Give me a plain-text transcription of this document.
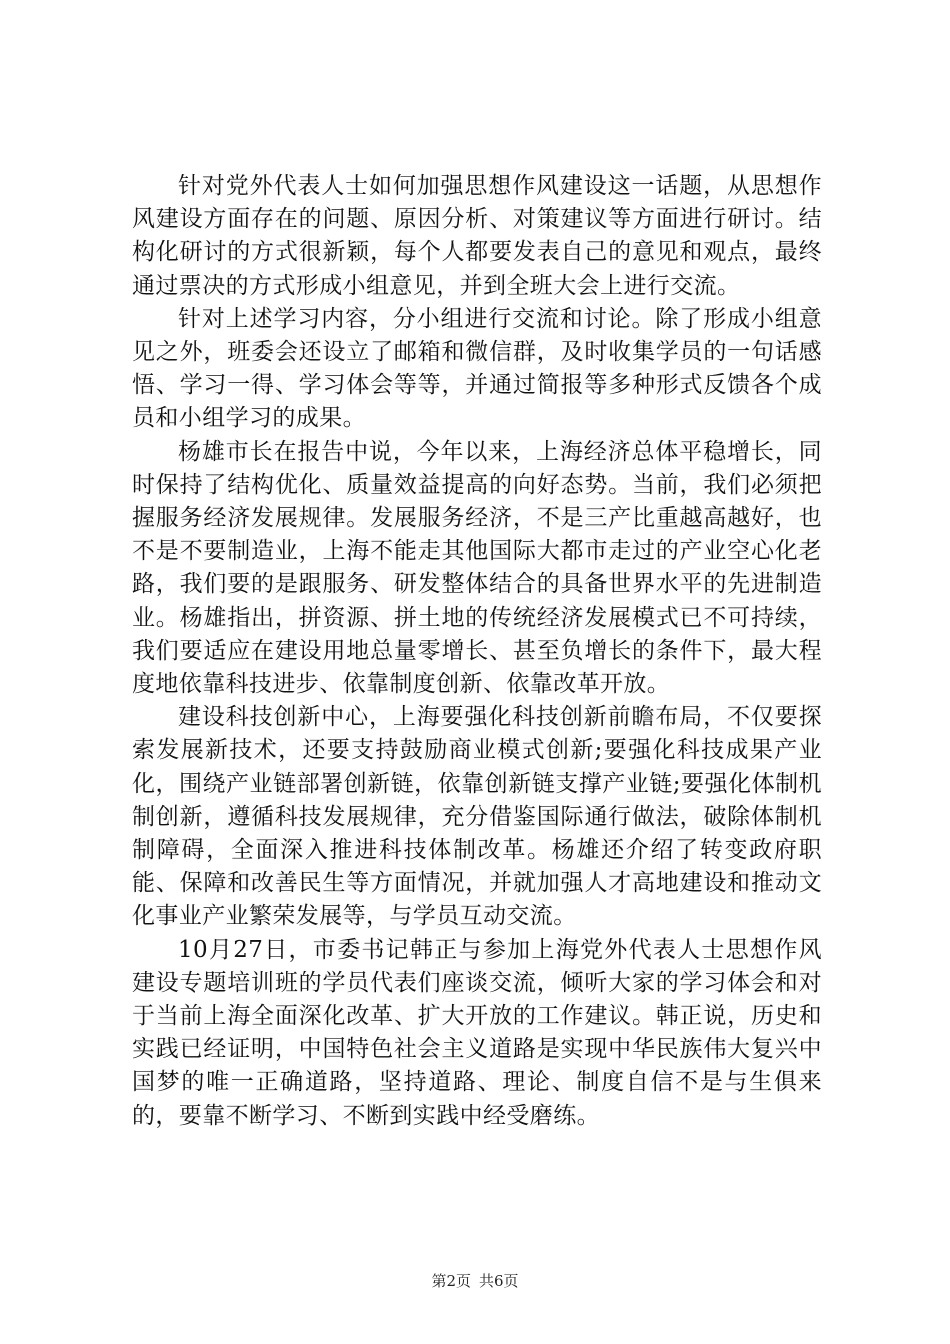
针对党外代表人士如何加强思想作风建设这一话题，从思想作风建设方面存在的问题、原因分析、对策建议等方面进行研讨。结构化研讨的方式很新颖，每个人都要发表自己的意见和观点，最终通过票决的方式形成小组意见，并到全班大会上进行交流。

针对上述学习内容，分小组进行交流和讨论。除了形成小组意见之外，班委会还设立了邮箱和微信群，及时收集学员的一句话感悟、学习一得、学习体会等等，并通过简报等多种形式反馈各个成员和小组学习的成果。

杨雄市长在报告中说，今年以来，上海经济总体平稳增长，同时保持了结构优化、质量效益提高的向好态势。当前，我们必须把握服务经济发展规律。发展服务经济，不是三产比重越高越好，也不是不要制造业，上海不能走其他国际大都市走过的产业空心化老路，我们要的是跟服务、研发整体结合的具备世界水平的先进制造业。杨雄指出，拼资源、拼土地的传统经济发展模式已不可持续，我们要适应在建设用地总量零增长、甚至负增长的条件下，最大程度地依靠科技进步、依靠制度创新、依靠改革开放。

建设科技创新中心，上海要强化科技创新前瞻布局，不仅要探索发展新技术，还要支持鼓励商业模式创新;要强化科技成果产业化，围绕产业链部署创新链，依靠创新链支撑产业链;要强化体制机制创新，遵循科技发展规律，充分借鉴国际通行做法，破除体制机制障碍，全面深入推进科技体制改革。杨雄还介绍了转变政府职能、保障和改善民生等方面情况，并就加强人才高地建设和推动文化事业产业繁荣发展等，与学员互动交流。

10月27日，市委书记韩正与参加上海党外代表人士思想作风建设专题培训班的学员代表们座谈交流，倾听大家的学习体会和对于当前上海全面深化改革、扩大开放的工作建议。韩正说，历史和实践已经证明，中国特色社会主义道路是实现中华民族伟大复兴中国梦的唯一正确道路，坚持道路、理论、制度自信不是与生俱来的，要靠不断学习、不断到实践中经受磨练。

第2页 共6页
